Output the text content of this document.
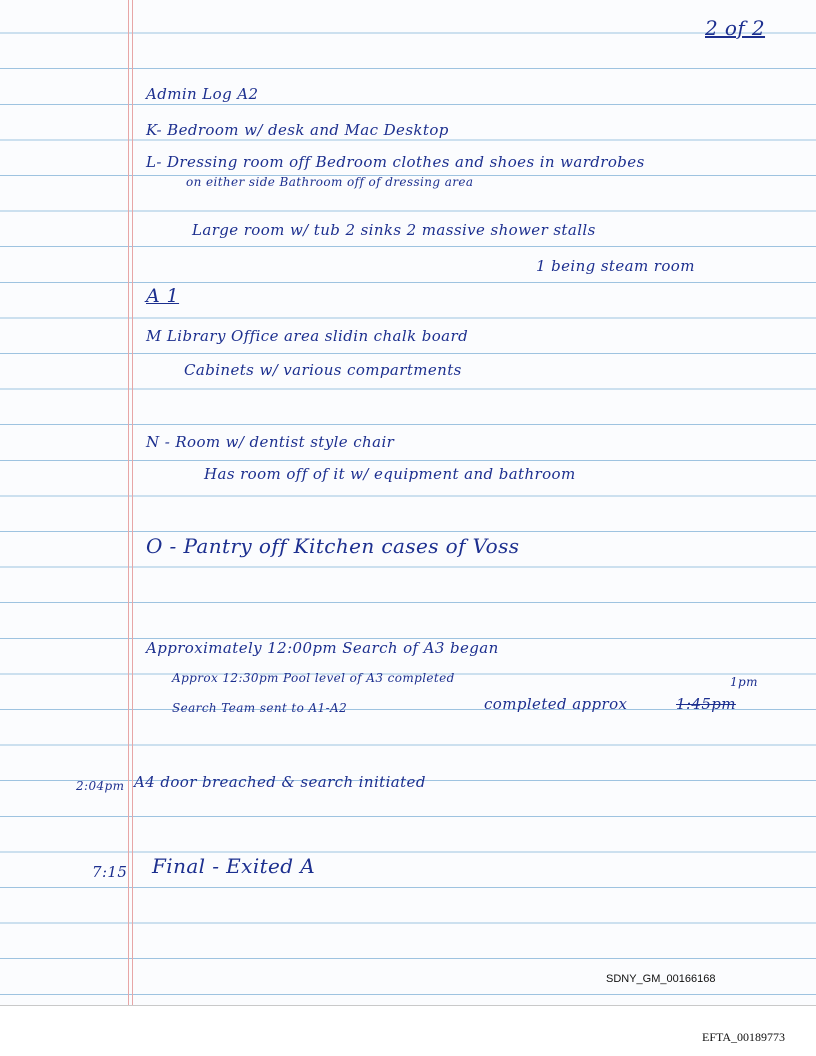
2 of 2
Admin Log A2
K- Bedroom w/ desk and Mac Desktop
L- Dressing room off Bedroom clothes and shoes in wardrobes
on either side Bathroom off of dressing area
Large room w/ tub 2 sinks 2 massive shower stalls
1 being steam room
A 1
M Library Office area slidin chalk board
Cabinets w/ various compartments
N - Room w/ dentist style chair
Has room off of it w/ equipment and bathroom
O - Pantry off Kitchen cases of Voss
Approximately 12:00pm Search of A3 began
Approx 12:30pm Pool level of A3 completed
Search Team sent to A1-A2	completed approx	1:45pm
1pm
2:04pm A4 door breached & search initiated
7:15 Final - Exited A
SDNY_GM_00166168
EFTA_00189773
